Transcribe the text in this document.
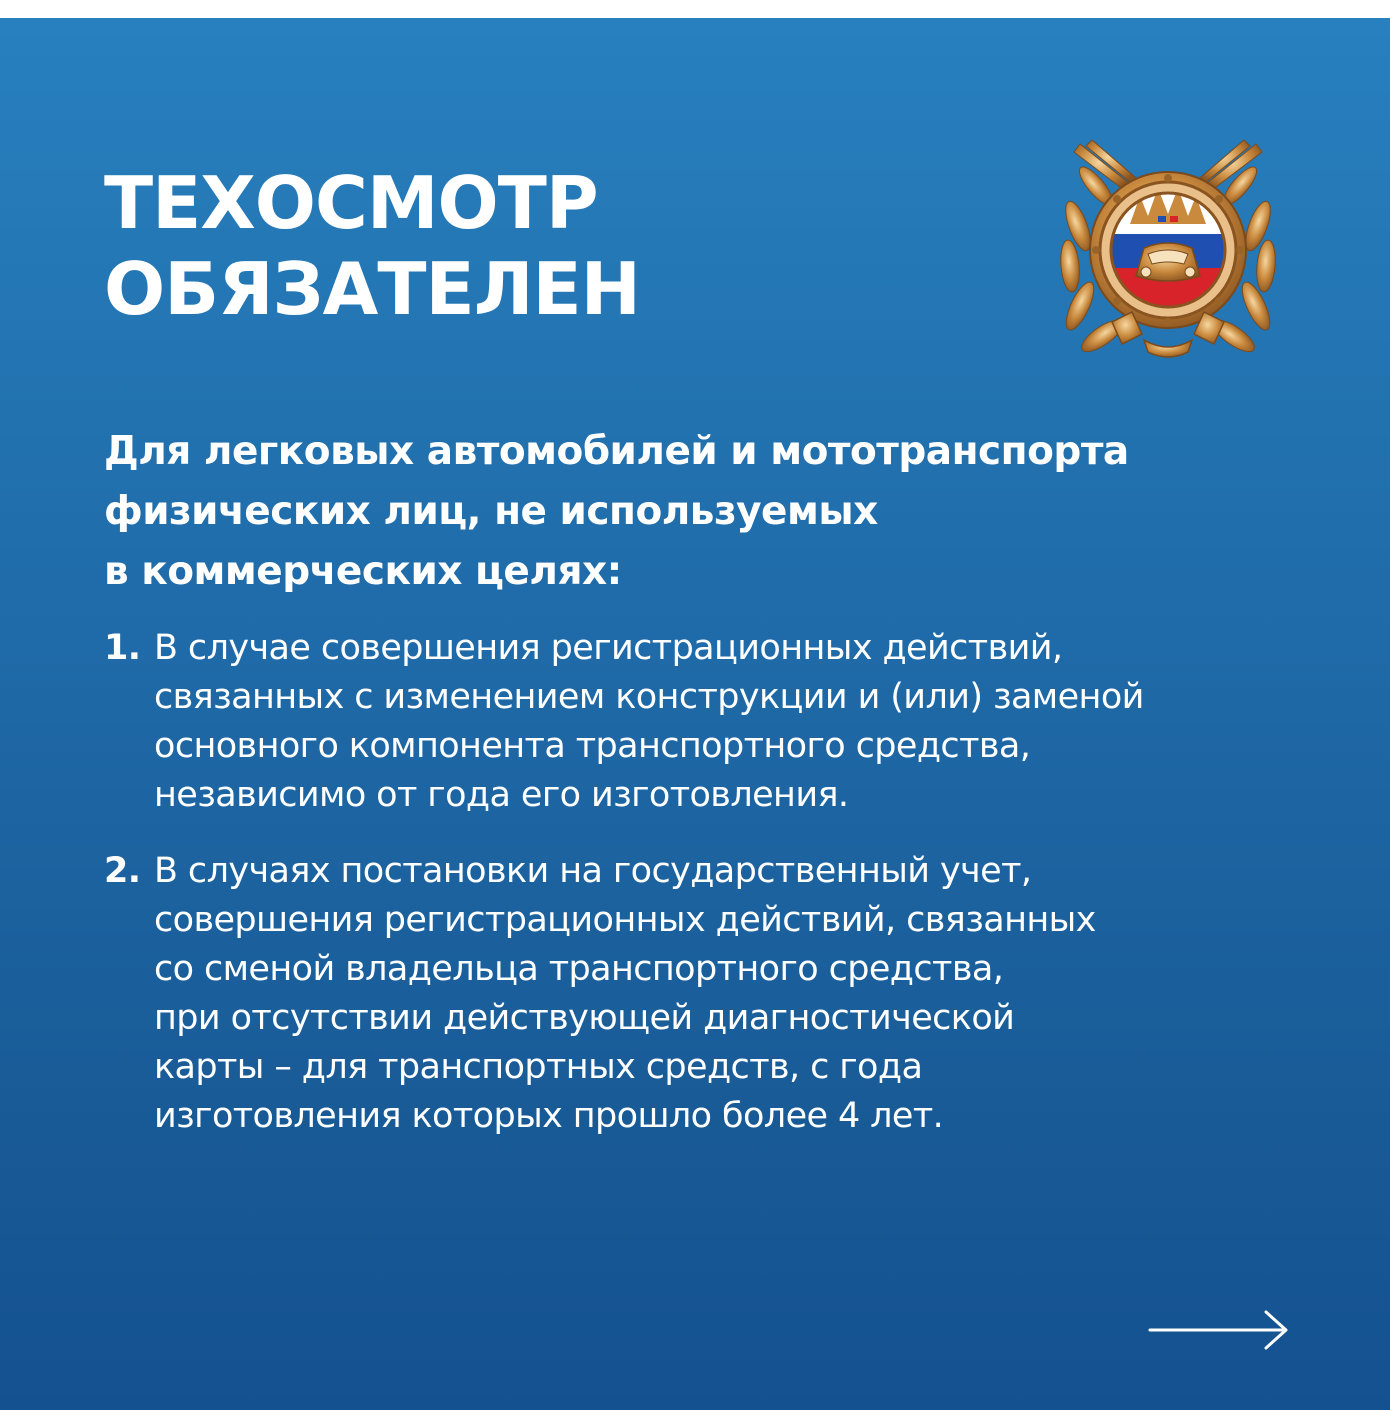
ТЕХОСМОТР
ОБЯЗАТЕЛЕН
Для легковых автомобилей и мототранспорта
физических лиц, не используемых
в коммерческих целях:
1. В случае совершения регистрационных действий,
связанных с изменением конструкции и (или) заменой
основного компонента транспортного средства,
независимо от года его изготовления.
2. В случаях постановки на государственный учет,
совершения регистрационных действий, связанных
со сменой владельца транспортного средства,
при отсутствии действующей диагностической
карты – для транспортных средств, с года
изготовления которых прошло более 4 лет.
